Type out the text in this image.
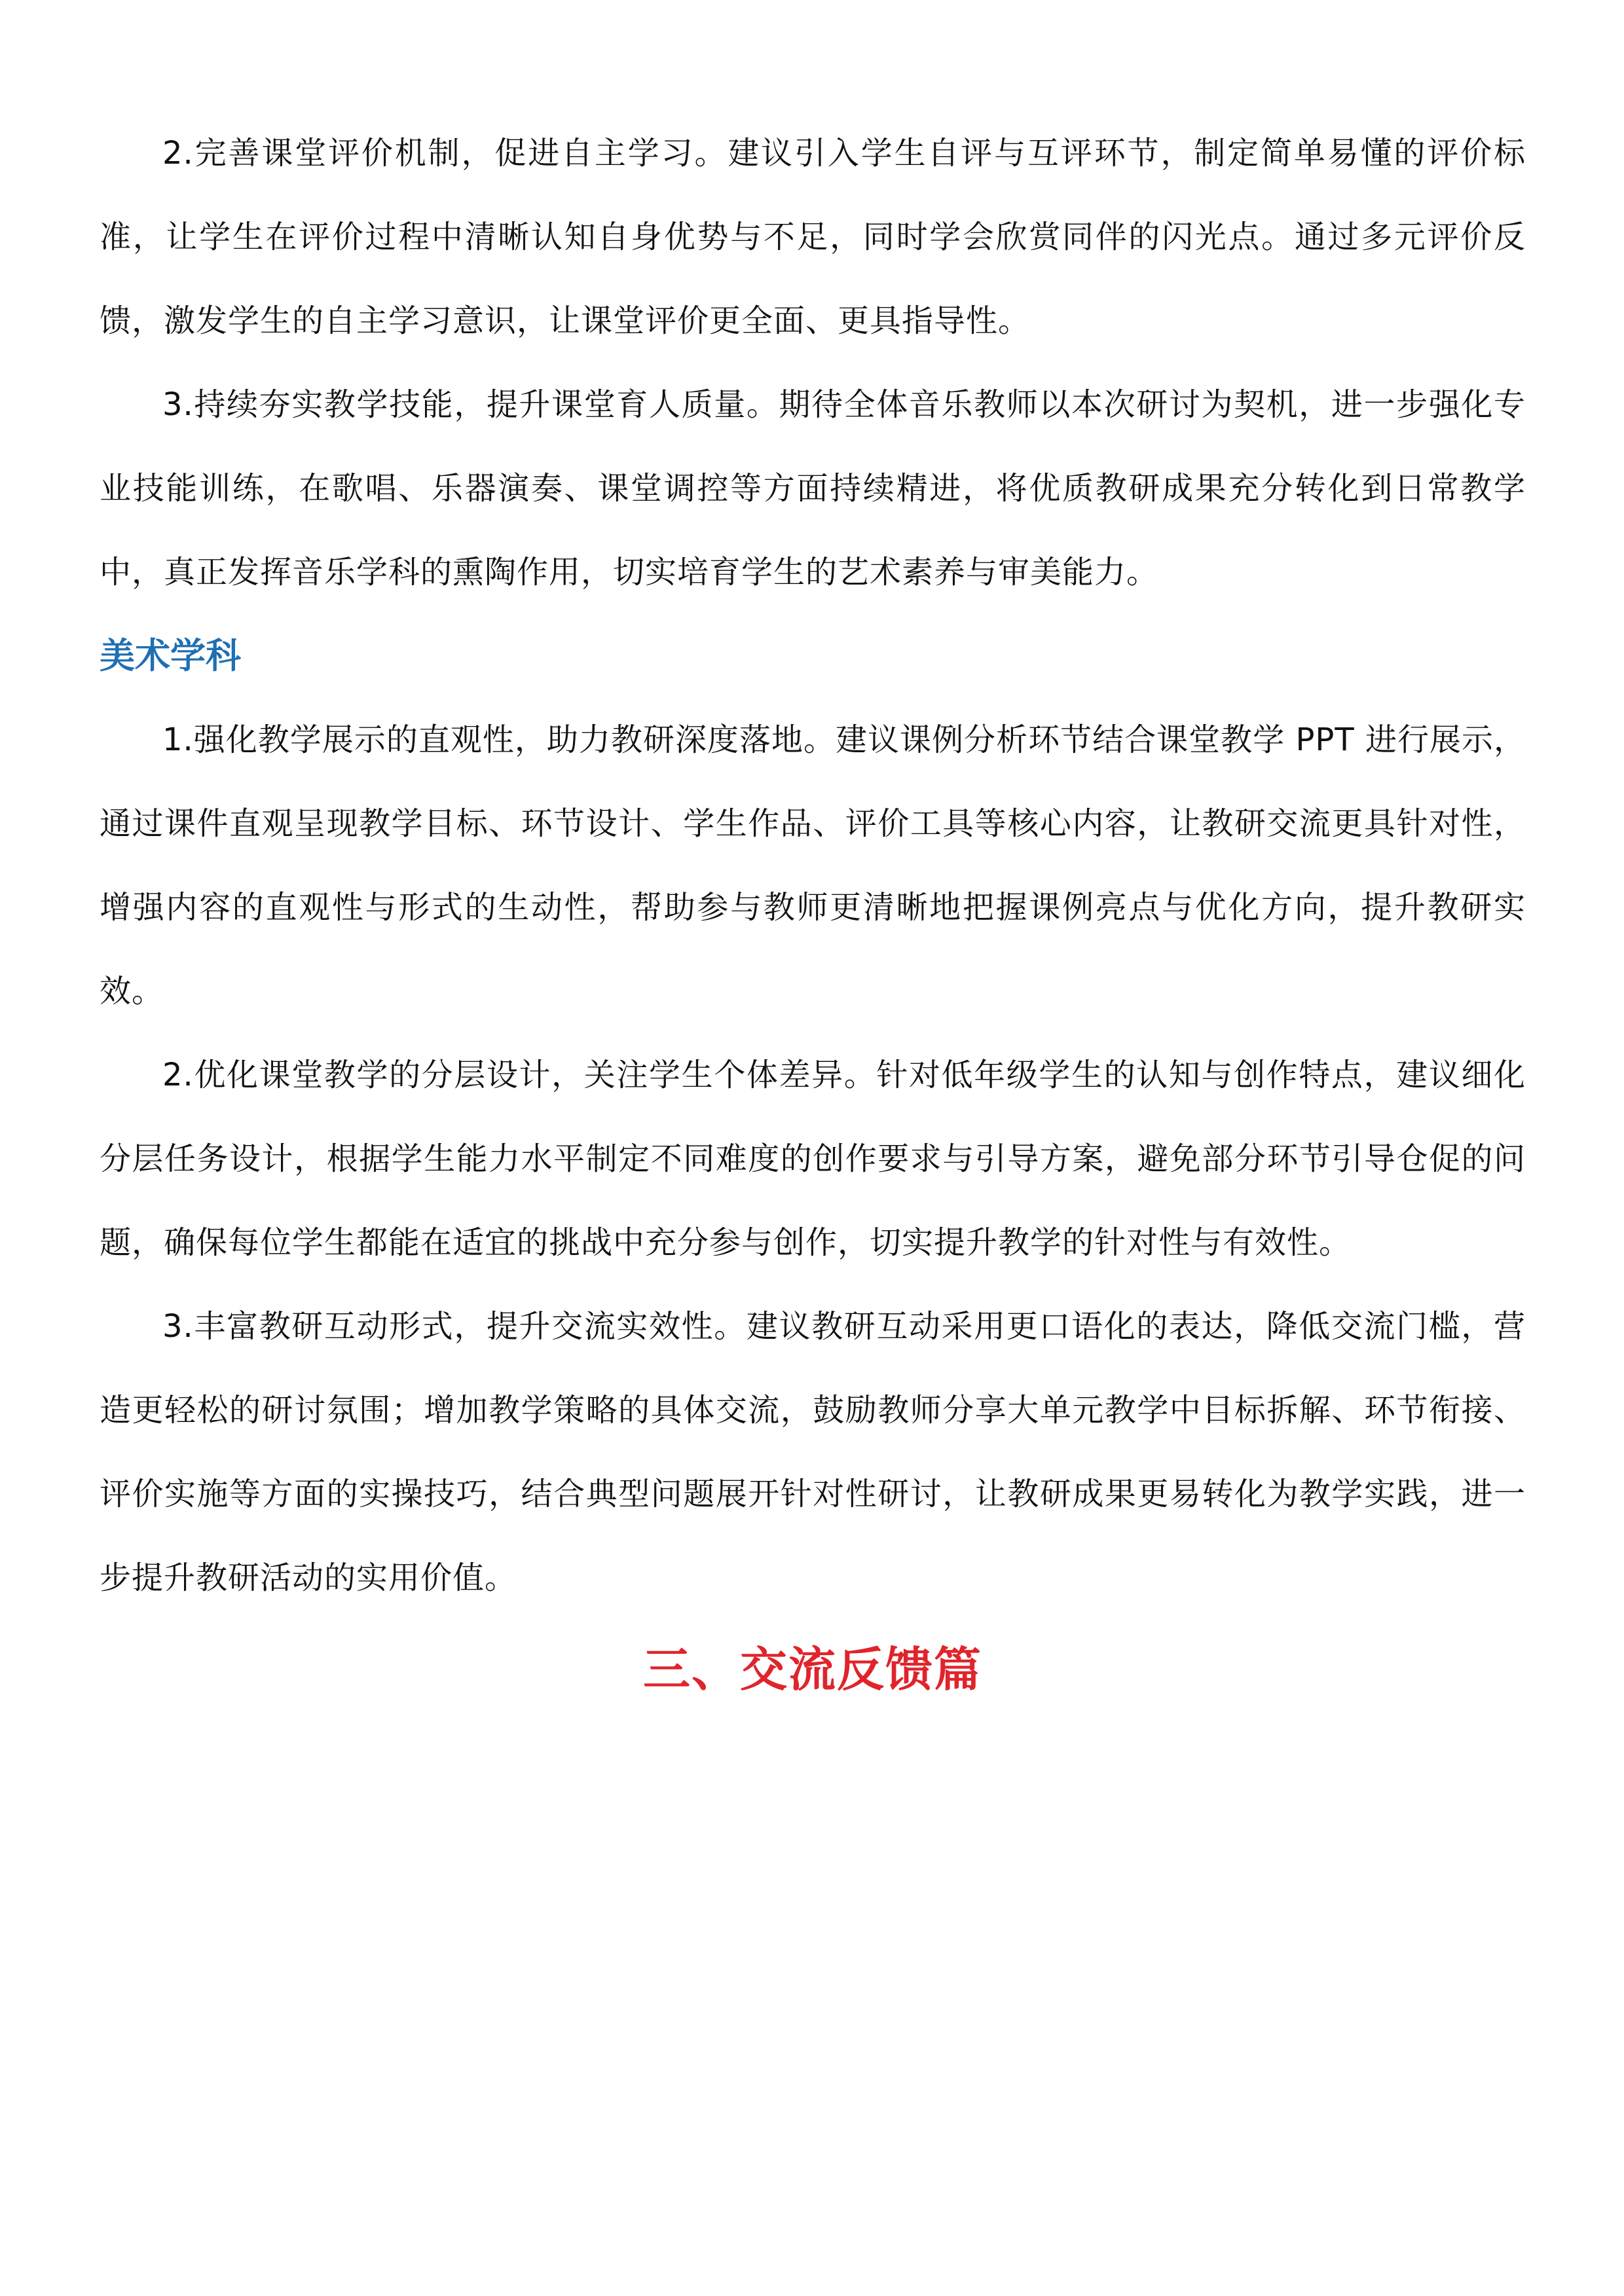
2.完善课堂评价机制，促进自主学习。建议引入学生自评与互评环节，制定简单易懂的评价标准，让学生在评价过程中清晰认知自身优势与不足，同时学会欣赏同伴的闪光点。通过多元评价反馈，激发学生的自主学习意识，让课堂评价更全面、更具指导性。

3.持续夯实教学技能，提升课堂育人质量。期待全体音乐教师以本次研讨为契机，进一步强化专业技能训练，在歌唱、乐器演奏、课堂调控等方面持续精进，将优质教研成果充分转化到日常教学中，真正发挥音乐学科的熏陶作用，切实培育学生的艺术素养与审美能力。

美术学科

1.强化教学展示的直观性，助力教研深度落地。建议课例分析环节结合课堂教学 PPT 进行展示，通过课件直观呈现教学目标、环节设计、学生作品、评价工具等核心内容，让教研交流更具针对性，增强内容的直观性与形式的生动性，帮助参与教师更清晰地把握课例亮点与优化方向，提升教研实效。

2.优化课堂教学的分层设计，关注学生个体差异。针对低年级学生的认知与创作特点，建议细化分层任务设计，根据学生能力水平制定不同难度的创作要求与引导方案，避免部分环节引导仓促的问题，确保每位学生都能在适宜的挑战中充分参与创作，切实提升教学的针对性与有效性。

3.丰富教研互动形式，提升交流实效性。建议教研互动采用更口语化的表达，降低交流门槛，营造更轻松的研讨氛围；增加教学策略的具体交流，鼓励教师分享大单元教学中目标拆解、环节衔接、评价实施等方面的实操技巧，结合典型问题展开针对性研讨，让教研成果更易转化为教学实践，进一步提升教研活动的实用价值。

三、交流反馈篇
